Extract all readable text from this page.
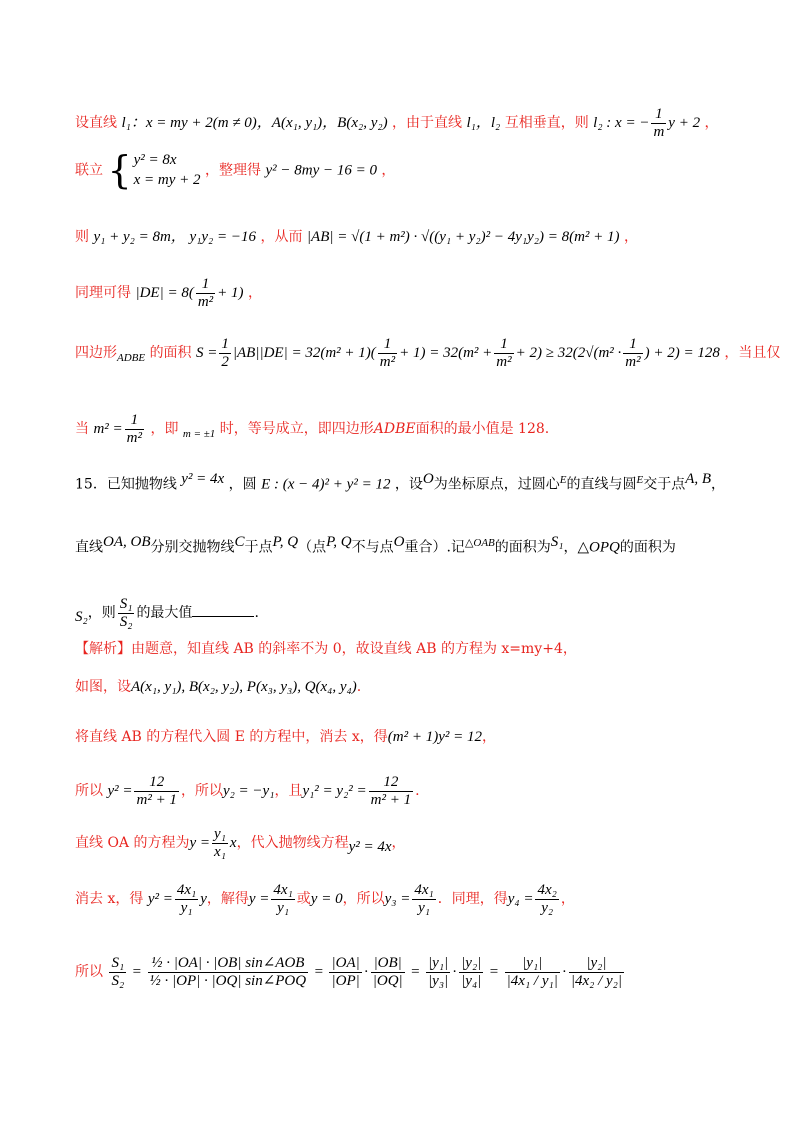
设直线 l₁：x = my + 2(m ≠ 0)，A(x₁, y₁)，B(x₂, y₂) ，由于直线 l₁，l₂ 互相垂直，则 l₂ : x = − $\frac{1}{m}$ y + 2 ，
联立 { y² = 8x
x = my + 2
，整理得 y² − 8my − 16 = 0 ，
则 y₁ + y₂ = 8m， y₁y₂ = −16 ，从而 |AB| = √(1 + m²) · √((y₁ + y₂)² − 4y₁y₂) = 8(m² + 1) ，
同理可得 $|DE| = 8( \frac{1}{\text{m²}} + 1)$ ，
四边形$_{ADBE}$ 的面积 $S = \frac{1}{2} |AB||DE| = 32(m^2 + 1)( \frac{1}{\text{m²}} + 1) = 32(m^2 + \frac{1}{\text{m²}} + 2) \ge 32(2√(m^2 \cdot \frac{1}{\text{m²}}$ ) + 2) = 128 ，当且仅
当 $m^2 = \frac{1}{\text{m²}}$ ，即 $_{m = \pm 1}$ 时，等号成立，即四边形ADBE面积的最小值是 128.
15．已知抛物线 $^{y^2 = 4x}$ ，圆 E : (x − 4)² + y² = 12 ，设$^O$为坐标原点，过圆心$^E$的直线与圆$^E$交于点$^{A, B}$，
直线$^{OA, OB}$分别交抛物线$^C$于点$^{P, Q}$（点$^{P, Q}$不与点$^O$重合）.记$^{\triangle OAB}$的面积为$^{S_1}$，△OPQ的面积为
$_{S_2}$，则 $\frac{\text{S₁}}{\text{S₂}}$ 的最大值	.
【解析】由题意，知直线 AB 的斜率不为 0，故设直线 AB 的方程为 x=my+4，
如图，设A(x₁, y₁), B(x₂, y₂), P(x₃, y₃), Q(x₄, y₄).
将直线 AB 的方程代入圆 E 的方程中，消去 x，得(m² + 1)y² = 12，
所以 $y^2 = \frac{12}{\text{m² + 1}}$ ，所以y₂ = −y₁，且$y_1^2 = y_2^2 = \frac{12}{\text{m² + 1}}$ .
直线 OA 的方程为$y = \frac{\text{y₁}}{\text{x₁}}$ x，代入抛物线方程$_{y^2 = 4x}$，
消去 x，得 $y^2 = \frac{\text{4x₁}}{\text{y₁}}$ y，解得$y = \frac{\text{4x₁}}{\text{y₁}}$ 或y = 0，所以$y_3 = \frac{\text{4x₁}}{\text{y₁}}$ ．同理，得$y_4 = \frac{\text{4x₂}}{\text{y₂}}$ ，
所以 $\frac{\text{S₁}}{\text{S₂}} = \frac{\text{½ · |OA| · |OB| sin∠AOB}}{\text{½ · |OP| · |OQ| sin∠POQ}} = \frac{|OA|}{|OP|} \cdot \frac{|OB|}{|OQ|} = \frac{\text{|y₁|}}{\text{|y₃|}} \cdot \frac{\text{|y₂|}}{\text{|y₄|}} = \frac{\text{|y₁|}}{\text{|4x₁ / y₁|}} \cdot \frac{\text{|y₂|}}{\text{|4x₂ / y₂|}}$
